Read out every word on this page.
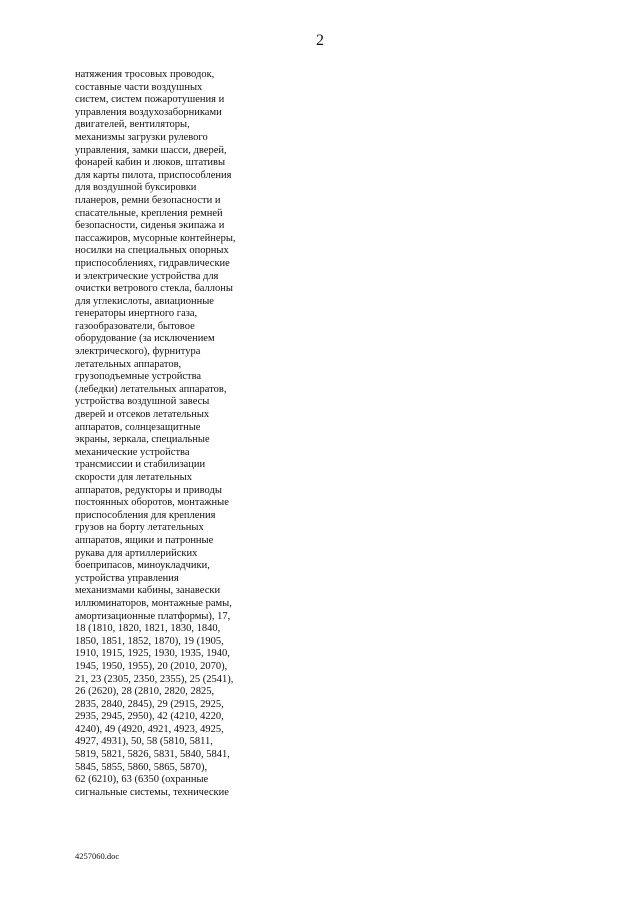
2
натяжения тросовых проводок,
составные части воздушных
систем, систем пожаротушения и
управления воздухозаборниками
двигателей, вентиляторы,
механизмы загрузки рулевого
управления, замки шасси, дверей,
фонарей кабин и люков, штативы
для карты пилота, приспособления
для воздушной буксировки
планеров, ремни безопасности и
спасательные, крепления ремней
безопасности, сиденья экипажа и
пассажиров, мусорные контейнеры,
носилки на специальных опорных
приспособлениях, гидравлические
и электрические устройства для
очистки ветрового стекла, баллоны
для углекислоты, авиационные
генераторы инертного газа,
газообразователи, бытовое
оборудование (за исключением
электрического), фурнитура
летательных аппаратов,
грузоподъемные устройства
(лебедки) летательных аппаратов,
устройства воздушной завесы
дверей и отсеков летательных
аппаратов, солнцезащитные
экраны, зеркала, специальные
механические устройства
трансмиссии и стабилизации
скорости для летательных
аппаратов, редукторы и приводы
постоянных оборотов, монтажные
приспособления для крепления
грузов на борту летательных
аппаратов, ящики и патронные
рукава для артиллерийских
боеприпасов, миноукладчики,
устройства управления
механизмами кабины, занавески
иллюминаторов, монтажные рамы,
амортизационные платформы), 17,
18 (1810, 1820, 1821, 1830, 1840,
1850, 1851, 1852, 1870), 19 (1905,
1910, 1915, 1925, 1930, 1935, 1940,
1945, 1950, 1955), 20 (2010, 2070),
21, 23 (2305, 2350, 2355), 25 (2541),
26 (2620), 28 (2810, 2820, 2825,
2835, 2840, 2845), 29 (2915, 2925,
2935, 2945, 2950), 42 (4210, 4220,
4240), 49 (4920, 4921, 4923, 4925,
4927, 4931), 50, 58 (5810, 5811,
5819, 5821, 5826, 5831, 5840, 5841,
5845, 5855, 5860, 5865, 5870),
62 (6210), 63 (6350 (охранные
сигнальные системы, технические
4257060.doc
